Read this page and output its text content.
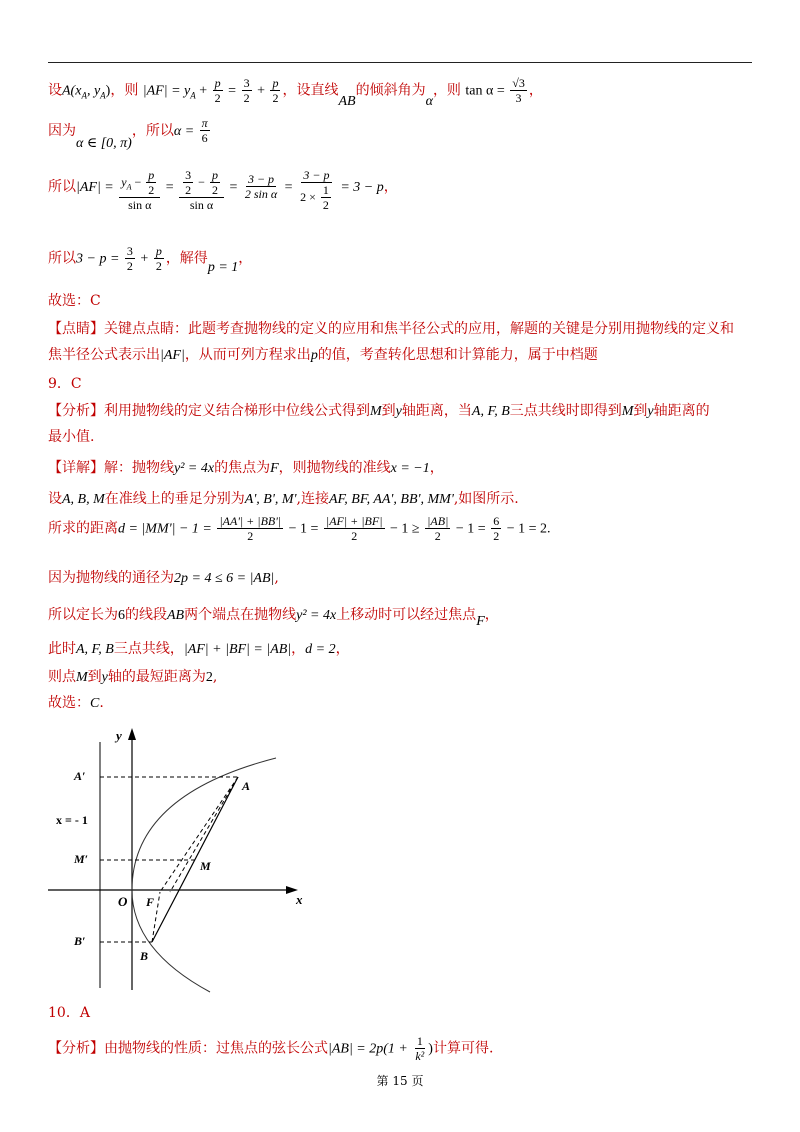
设$A(x_A$, $y_A$)，则 $|AF| = y_A + \frac{p}{2} = \frac{3}{2} + \frac{p}{2}$ ，设直线AB的倾斜角为α，则 $\tan \alpha = \frac{√3}{3}$ ，
因为α ∈ [0, π)，所以$\alpha = \frac{\pi}{6}$
所以$|AF| = \frac{y_A - \frac{p}{2}}{\text{sin α}} = \frac{\frac{3}{2} - \frac{p}{2}}{\text{sin α}} = \frac{3 - p}{\text{2 sin α}} = \frac{3 - p}{2 \times \frac{1}{2}} = 3 - p$，
所以$3 - p = \frac{3}{2} + \frac{p}{2}$ ，解得p = 1，
故选：C
【点睛】关键点点睛：此题考查抛物线的定义的应用和焦半径公式的应用，解题的关键是分别用抛物线的定义和
焦半径公式表示出|AF|，从而可列方程求出p的值，考查转化思想和计算能力，属于中档题
9．C
【分析】利用抛物线的定义结合梯形中位线公式得到M到y轴距离，当A, F, B三点共线时即得到M到y轴距离的
最小值.
【详解】解：抛物线y² = 4x的焦点为F，则抛物线的准线x = −1，
设A, B, M在准线上的垂足分别为A', B', M',连接AF, BF, AA', BB', MM',如图所示.
所求的距离$d = |MM'| - 1 = \frac{|AA'| + |BB'|}{2} - 1 = \frac{|AF| + |BF|}{2} - 1 \ge \frac{|AB|}{2} - 1 = \frac{6}{2} - 1 = 2$.
因为抛物线的通径为2p = 4 ≤ 6 = |AB|,
所以定长为6的线段AB两个端点在抛物线y² = 4x上移动时可以经过焦点F，
此时A, F, B三点共线，|AF| + |BF| = |AB|，d = 2，
则点M到y轴的最短距离为2,
故选：C.
y
x
O F
A′
M′
B′
A
M
B
x = - 1
10．A
【分析】由抛物线的性质：过焦点的弦长公式$|AB| = 2p(1 + \frac{1}{\text{k²}}$ )计算可得.
第 15 页
